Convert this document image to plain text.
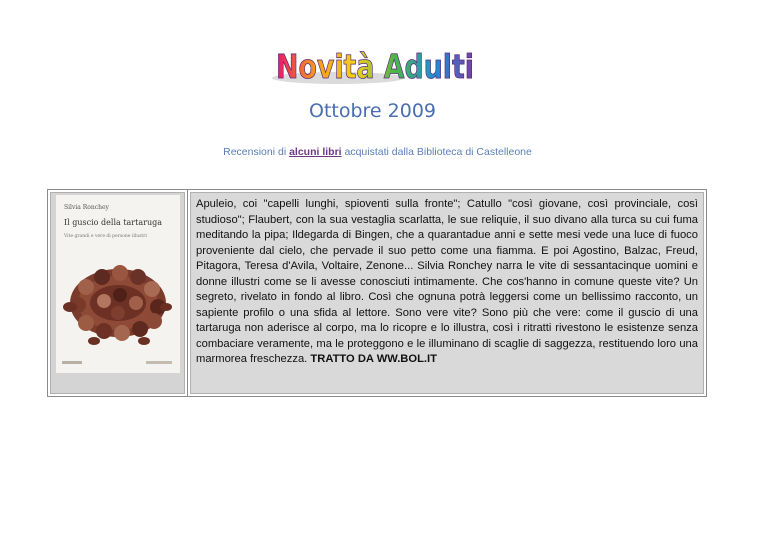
Novità Adulti
Ottobre 2009
Recensioni di alcuni libri acquistati dalla Biblioteca di Castelleone
Silvia Ronchey
Il guscio della tartaruga
Vite grandi e vere di persone illustri

Apuleio, coi "capelli lunghi, spioventi sulla fronte"; Catullo "così giovane, così provinciale, così studioso"; Flaubert, con la sua vestaglia scarlatta, le sue reliquie, il suo divano alla turca su cui fuma meditando la pipa; Ildegarda di Bingen, che a quarantadue anni e sette mesi vede una luce di fuoco proveniente dal cielo, che pervade il suo petto come una fiamma. E poi Agostino, Balzac, Freud, Pitagora, Teresa d'Avila, Voltaire, Zenone... Silvia Ronchey narra le vite di sessantacinque uomini e donne illustri come se li avesse conosciuti intimamente. Che cos'hanno in comune queste vite? Un segreto, rivelato in fondo al libro. Così che ognuna potrà leggersi come un bellissimo racconto, un sapiente profilo o una sfida al lettore. Sono vere vite? Sono più che vere: come il guscio di una tartaruga non aderisce al corpo, ma lo ricopre e lo illustra, così i ritratti rivestono le esistenze senza combaciare veramente, ma le proteggono e le illuminano di scaglie di saggezza, restituendo loro una marmorea freschezza. TRATTO DA WW.BOL.IT
